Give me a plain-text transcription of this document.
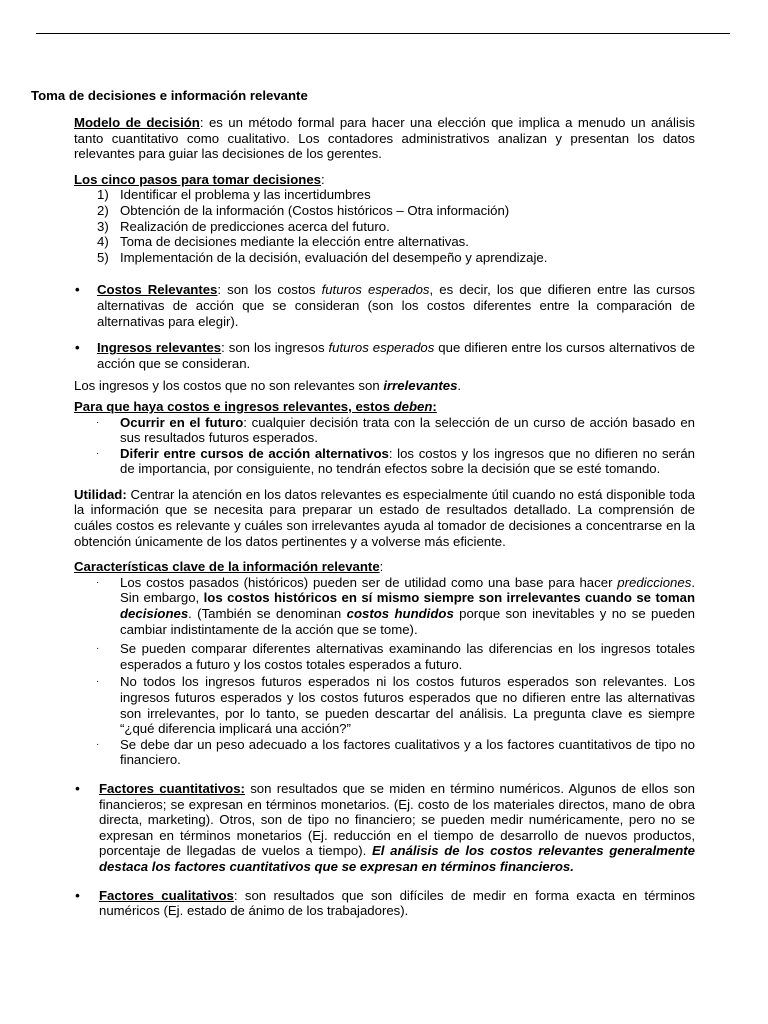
Toma de decisiones e información relevante
Modelo de decisión: es un método formal para hacer una elección que implica a menudo un análisis tanto cuantitativo como cualitativo. Los contadores administrativos analizan y presentan los datos relevantes para guiar las decisiones de los gerentes.
Los cinco pasos para tomar decisiones:
1) Identificar el problema y las incertidumbres
2) Obtención de la información (Costos históricos – Otra información)
3) Realización de predicciones acerca del futuro.
4) Toma de decisiones mediante la elección entre alternativas.
5) Implementación de la decisión, evaluación del desempeño y aprendizaje.
• Costos Relevantes: son los costos futuros esperados, es decir, los que difieren entre las cursos alternativas de acción que se consideran (son los costos diferentes entre la comparación de alternativas para elegir).
• Ingresos relevantes: son los ingresos futuros esperados que difieren entre los cursos alternativos de acción que se consideran.
Los ingresos y los costos que no son relevantes son irrelevantes.
Para que haya costos e ingresos relevantes, estos deben:
· Ocurrir en el futuro: cualquier decisión trata con la selección de un curso de acción basado en sus resultados futuros esperados.
· Diferir entre cursos de acción alternativos: los costos y los ingresos que no difieren no serán de importancia, por consiguiente, no tendrán efectos sobre la decisión que se esté tomando.
Utilidad: Centrar la atención en los datos relevantes es especialmente útil cuando no está disponible toda la información que se necesita para preparar un estado de resultados detallado. La comprensión de cuáles costos es relevante y cuáles son irrelevantes ayuda al tomador de decisiones a concentrarse en la obtención únicamente de los datos pertinentes y a volverse más eficiente.
Características clave de la información relevante:
· Los costos pasados (históricos) pueden ser de utilidad como una base para hacer predicciones. Sin embargo, los costos históricos en sí mismo siempre son irrelevantes cuando se toman decisiones. (También se denominan costos hundidos porque son inevitables y no se pueden cambiar indistintamente de la acción que se tome).
· Se pueden comparar diferentes alternativas examinando las diferencias en los ingresos totales esperados a futuro y los costos totales esperados a futuro.
· No todos los ingresos futuros esperados ni los costos futuros esperados son relevantes. Los ingresos futuros esperados y los costos futuros esperados que no difieren entre las alternativas son irrelevantes, por lo tanto, se pueden descartar del análisis. La pregunta clave es siempre “¿qué diferencia implicará una acción?”
· Se debe dar un peso adecuado a los factores cualitativos y a los factores cuantitativos de tipo no financiero.
• Factores cuantitativos: son resultados que se miden en término numéricos. Algunos de ellos son financieros; se expresan en términos monetarios. (Ej. costo de los materiales directos, mano de obra directa, marketing). Otros, son de tipo no financiero; se pueden medir numéricamente, pero no se expresan en términos monetarios (Ej. reducción en el tiempo de desarrollo de nuevos productos, porcentaje de llegadas de vuelos a tiempo). El análisis de los costos relevantes generalmente destaca los factores cuantitativos que se expresan en términos financieros.
• Factores cualitativos: son resultados que son difíciles de medir en forma exacta en términos numéricos (Ej. estado de ánimo de los trabajadores).
